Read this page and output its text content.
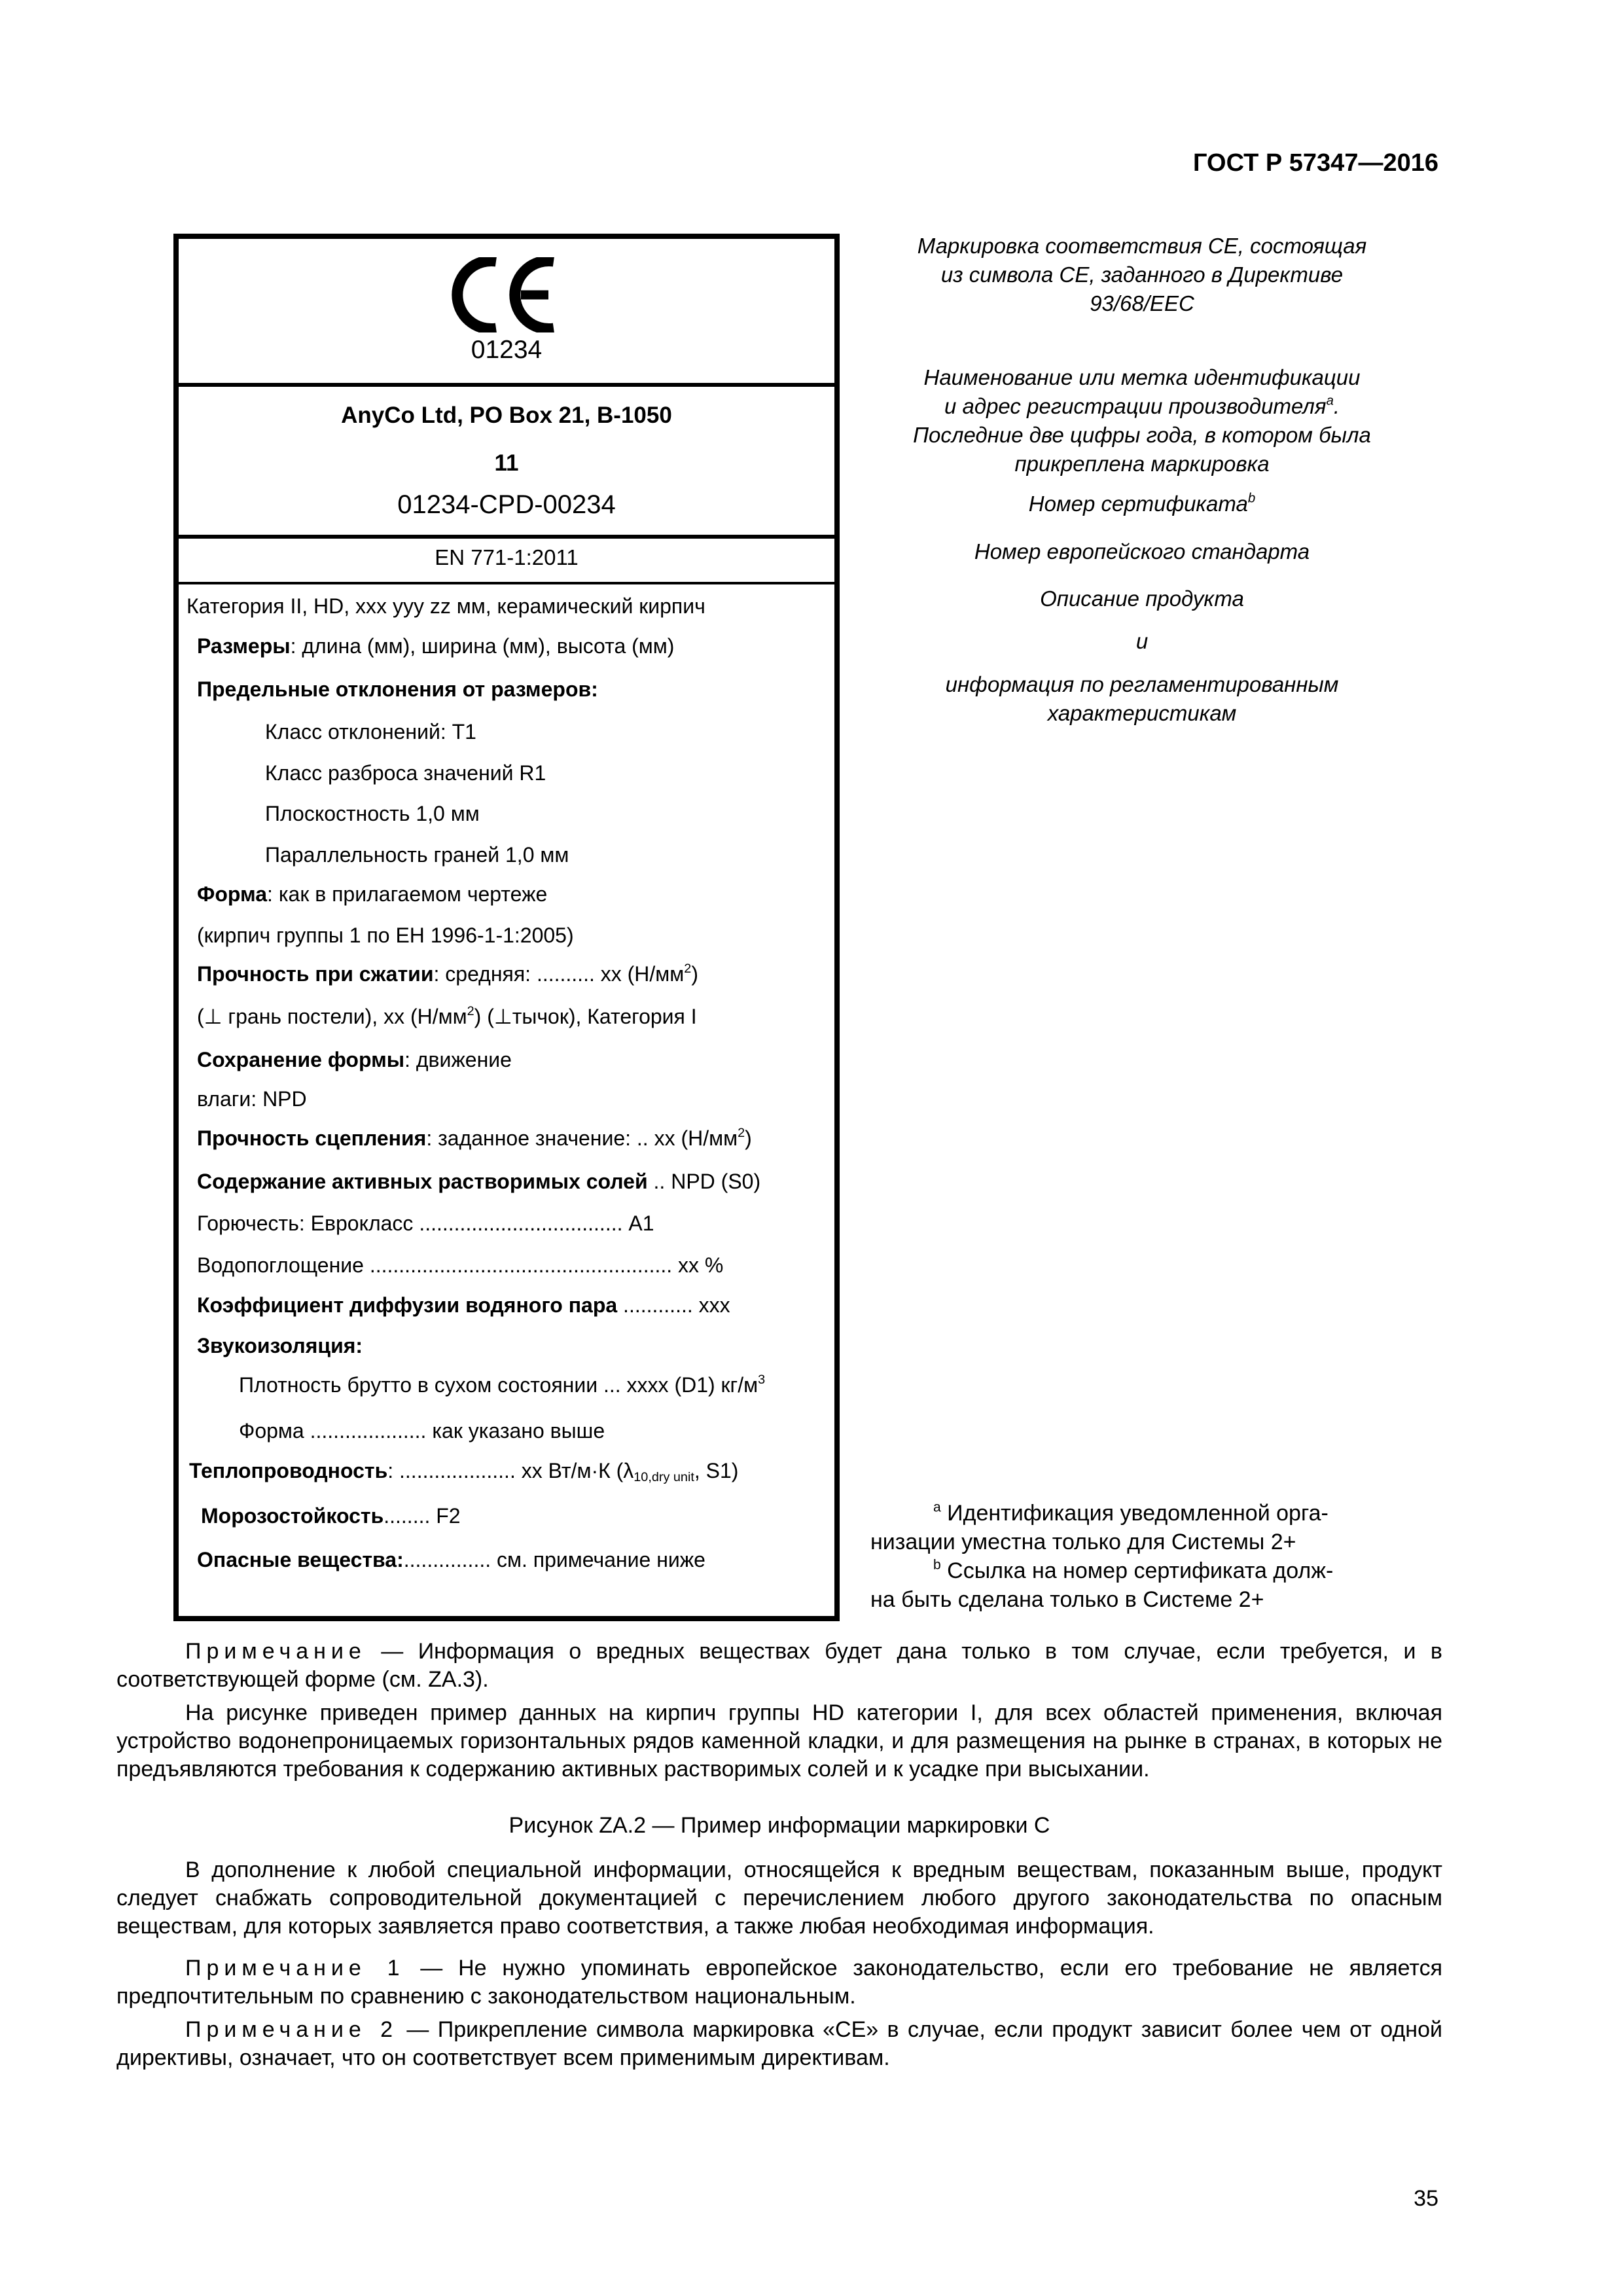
ГОСТ Р 57347—2016
01234
AnyCo Ltd, PO Box 21, B-1050
11
01234-CPD-00234
EN 771-1:2011
Категория II, HD, xxx yyy zz мм, керамический кирпич
Размеры: длина (мм), ширина (мм), высота (мм)
Предельные отклонения от размеров:
Класс отклонений: T1
Класс разброса значений R1
Плоскостность 1,0 мм
Параллельность граней 1,0 мм
Форма: как в прилагаемом чертеже
(кирпич группы 1 по ЕН 1996-1-1:2005)
Прочность при сжатии: средняя: .......... xx $(Н/мм^2)$
(⊥ грань постели), xx $(Н/мм^2)$ (⊥тычок), Категория I
Сохранение формы: движение
влаги: NPD
Прочность сцепления: заданное значение: .. xx $(Н/мм^2)$
Содержание активных растворимых солей .. NPD (S0)
Горючесть: Еврокласс ................................... A1
Водопоглощение .................................................... xx %
Коэффициент диффузии водяного пара ............ xxx
Звукоизоляция:
Плотность брутто в сухом состоянии ... xxxx (D1) $кг/м^3$
Форма .................... как указано выше
Теплопроводность: .................... xx Вт/м·К ($\lambda_{10,dry unit}$, S1)
Морозостойкость........ F2
Опасные вещества:............... см. примечание ниже
Маркировка соответствия CE, состоящая
из символа CE, заданного в Директиве
93/68/EEC
Наименование или метка идентификации
и адрес регистрации производителя$^a$.
Последние две цифры года, в котором была
прикреплена маркировка
Номер сертификата$^b$
Номер европейского стандарта
Описание продукта
и
информация по регламентированным
характеристикам
$^a$ Идентификация уведомленной орга-
низации уместна только для Системы 2+
$^b$ Ссылка на номер сертификата долж-
на быть сделана только в Системе 2+
Примечание — Информация о вредных веществах будет дана только в том случае, если требуется, и в соответствующей форме (см. ZA.3).
На рисунке приведен пример данных на кирпич группы HD категории I, для всех областей применения, включая устройство водонепроницаемых горизонтальных рядов каменной кладки, и для размещения на рынке в странах, в которых не предъявляются требования к содержанию активных растворимых солей и к усадке при высыхании.
Рисунок ZA.2 — Пример информации маркировки C
В дополнение к любой специальной информации, относящейся к вредным веществам, показанным выше, продукт следует снабжать сопроводительной документацией с перечислением любого другого законодательства по опасным веществам, для которых заявляется право соответствия, а также любая необходимая информация.
Примечание 1 — Не нужно упоминать европейское законодательство, если его требование не является предпочтительным по сравнению с законодательством национальным.
Примечание 2 — Прикрепление символа маркировка «CE» в случае, если продукт зависит более чем от одной директивы, означает, что он соответствует всем применимым директивам.
35
